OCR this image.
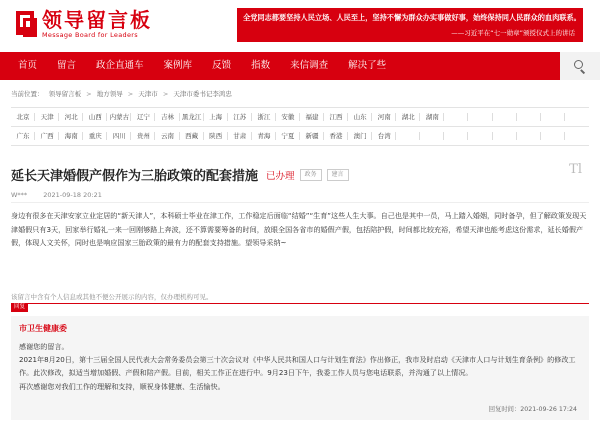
领导留言板
Message Board for Leaders
全党同志都要坚持人民立场、人民至上，坚持不懈为群众办实事做好事，始终保持同人民群众的血肉联系。
——习近平在“七一勋章”颁授仪式上的讲话
首页	留言	政企直通车	案例库	反馈	指数	来信调查	解决了些
当前位置： 领导留言板 > 地方领导 > 天津市 > 天津市委书记李鸿忠
北京	天津	河北	山西	内蒙古	辽宁	吉林	黑龙江	上海	江苏	浙江	安徽	福建	江西	山东	河南	湖北	湖南
广东	广西	海南	重庆	四川	贵州	云南	西藏	陕西	甘肃	青海	宁夏	新疆	香港	澳门	台湾
延长天津婚假产假作为三胎政策的配套措施 已办理	政务	建言	Tl
W*** 2021-09-18 20:21
身边有很多在天津安家立业定居的“新天津人”，本科硕士毕业在津工作，工作稳定后面临“结婚”“生育”这些人生大事。自己也是其中一员，马上踏入婚姻，同时备孕，但了解政策发现天津婚假只有3天，回家举行婚礼一来一回刚够路上奔波，还不算需要筹备的时间，放眼全国各省市的婚假产假，包括陪护假，时间都比较充裕，希望天津也能考虑这份需求，延长婚假产假，体现人文关怀，同时也是响应国家三胎政策的最有力的配套支持措施。望领导采纳~
该留言中含有个人信息或其他不便公开展示的内容，仅办理机构可见。
回复
市卫生健康委

感谢您的留言。

2021年8月20日，第十三届全国人民代表大会常务委员会第三十次会议对《中华人民共和国人口与计划生育法》作出修正，我市及时启动《天津市人口与计划生育条例》的修改工作。此次修改，拟适当增加婚假、产假和陪产假。目前，相关工作正在进行中。9月23日下午，我委工作人员与您电话联系，并沟通了以上情况。

再次感谢您对我们工作的理解和支持，顺祝身体健康、生活愉快。

回复时间：2021-09-26 17:24
